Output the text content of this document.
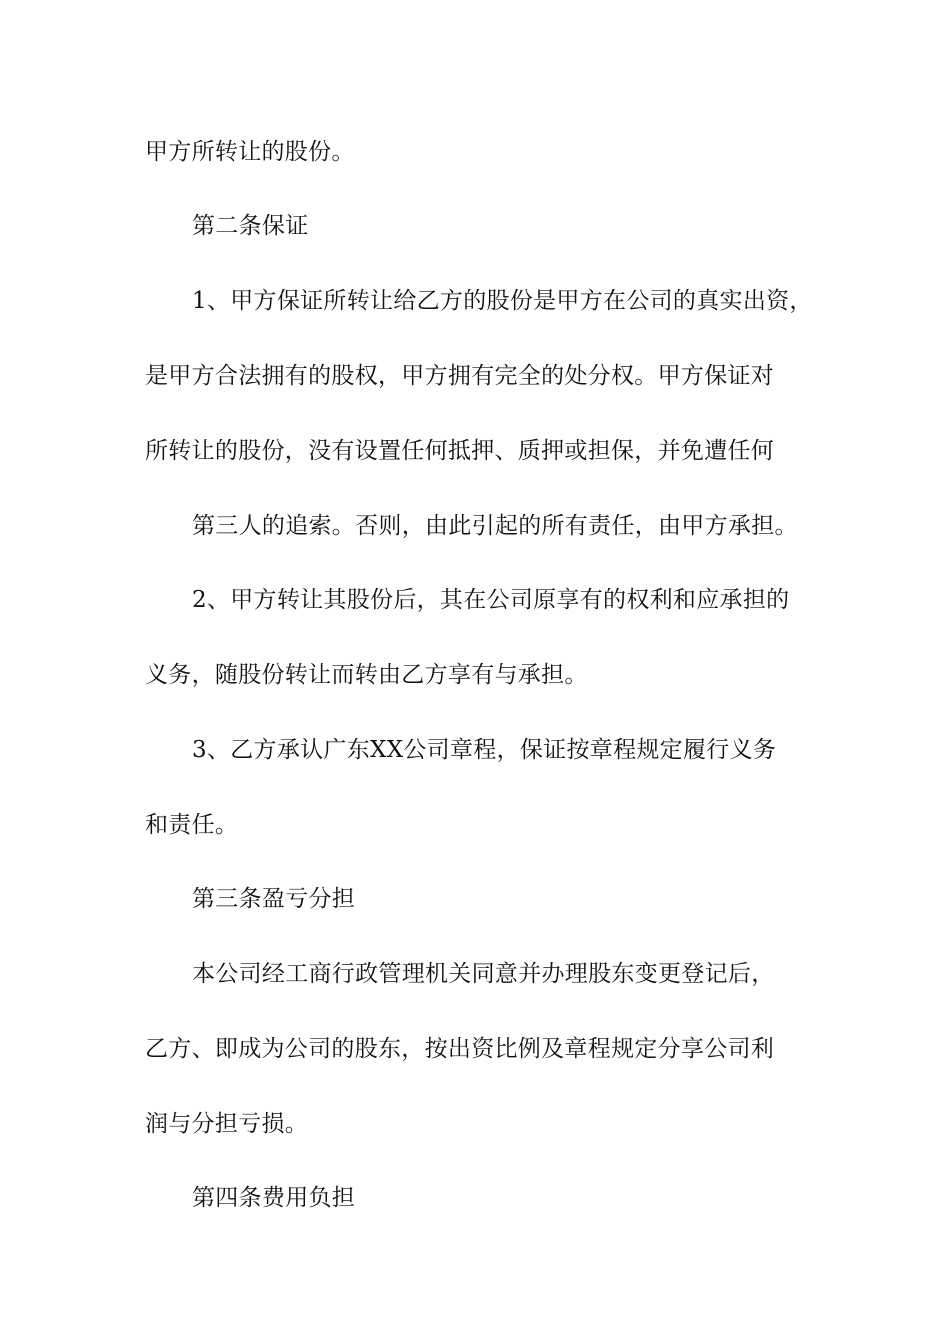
甲方所转让的股份。
第二条保证
1、甲方保证所转让给乙方的股份是甲方在公司的真实出资，
是甲方合法拥有的股权，甲方拥有完全的处分权。甲方保证对
所转让的股份，没有设置任何抵押、质押或担保，并免遭任何
第三人的追索。否则，由此引起的所有责任，由甲方承担。
2、甲方转让其股份后，其在公司原享有的权利和应承担的
义务，随股份转让而转由乙方享有与承担。
3、乙方承认广东XX公司章程，保证按章程规定履行义务
和责任。
第三条盈亏分担
本公司经工商行政管理机关同意并办理股东变更登记后，
乙方、即成为公司的股东，按出资比例及章程规定分享公司利
润与分担亏损。
第四条费用负担
